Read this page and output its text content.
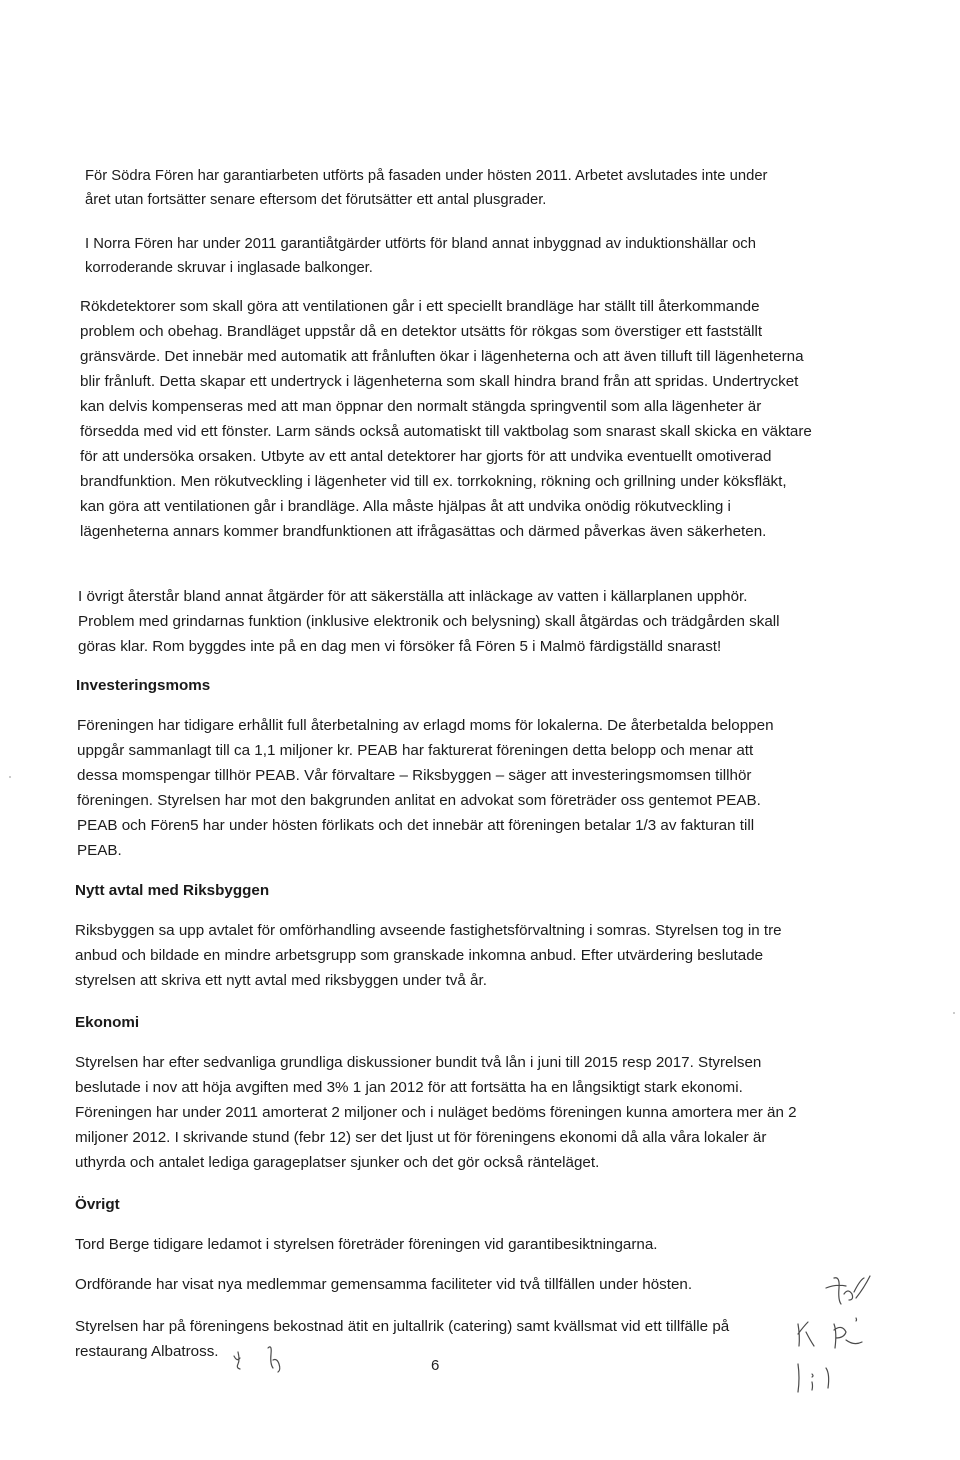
För Södra Fören har garantiarbeten utförts på fasaden under hösten 2011. Arbetet avslutades inte under året utan fortsätter senare eftersom det förutsätter ett antal plusgrader.

I Norra Fören har under 2011 garantiåtgärder utförts för bland annat inbyggnad av induktionshällar och korroderande skruvar i inglasade balkonger.

Rökdetektorer som skall göra att ventilationen går i ett speciellt brandläge har ställt till återkommande problem och obehag. Brandläget uppstår då en detektor utsätts för rökgas som överstiger ett fastställt gränsvärde. Det innebär med automatik att frånluften ökar i lägenheterna och att även tilluft till lägenheterna blir frånluft. Detta skapar ett undertryck i lägenheterna som skall hindra brand från att spridas. Undertrycket kan delvis kompenseras med att man öppnar den normalt stängda springventil som alla lägenheter är försedda med vid ett fönster. Larm sänds också automatiskt till vaktbolag som snarast skall skicka en väktare för att undersöka orsaken. Utbyte av ett antal detektorer har gjorts för att undvika eventuellt omotiverad brandfunktion. Men rökutveckling i lägenheter vid till ex. torrkokning, rökning och grillning under köksfläkt, kan göra att ventilationen går i brandläge. Alla måste hjälpas åt att undvika onödig rökutveckling i lägenheterna annars kommer brandfunktionen att ifrågasättas och därmed påverkas även säkerheten.

I övrigt återstår bland annat åtgärder för att säkerställa att inläckage av vatten i källarplanen upphör. Problem med grindarnas funktion (inklusive elektronik och belysning) skall åtgärdas och trädgården skall göras klar. Rom byggdes inte på en dag men vi försöker få Fören 5 i Malmö färdigställd snarast!

Investeringsmoms

Föreningen har tidigare erhållit full återbetalning av erlagd moms för lokalerna. De återbetalda beloppen uppgår sammanlagt till ca 1,1 miljoner kr. PEAB har fakturerat föreningen detta belopp och menar att dessa momspengar tillhör PEAB. Vår förvaltare – Riksbyggen – säger att investeringsmomsen tillhör föreningen. Styrelsen har mot den bakgrunden anlitat en advokat som företräder oss gentemot PEAB. PEAB och Fören5 har under hösten förlikats och det innebär att föreningen betalar 1/3 av fakturan till PEAB.

Nytt avtal med Riksbyggen

Riksbyggen sa upp avtalet för omförhandling avseende fastighetsförvaltning i somras. Styrelsen tog in tre anbud och bildade en mindre arbetsgrupp som granskade inkomna anbud. Efter utvärdering beslutade styrelsen att skriva ett nytt avtal med riksbyggen under två år.

Ekonomi

Styrelsen har efter sedvanliga grundliga diskussioner bundit två lån i juni till 2015 resp 2017. Styrelsen beslutade i nov att höja avgiften med 3% 1 jan 2012 för att fortsätta ha en långsiktigt stark ekonomi. Föreningen har under 2011 amorterat 2 miljoner och i nuläget bedöms föreningen kunna amortera mer än 2 miljoner 2012. I skrivande stund (febr 12) ser det ljust ut för föreningens ekonomi då alla våra lokaler är uthyrda och antalet lediga garageplatser sjunker och det gör också ränteläget.

Övrigt

Tord Berge tidigare ledamot i styrelsen företräder föreningen vid garantibesiktningarna.

Ordförande har visat nya medlemmar gemensamma faciliteter vid två tillfällen under hösten.

Styrelsen har på föreningens bekostnad ätit en jultallrik (catering) samt kvällsmat vid ett tillfälle på restaurang Albatross.

6
